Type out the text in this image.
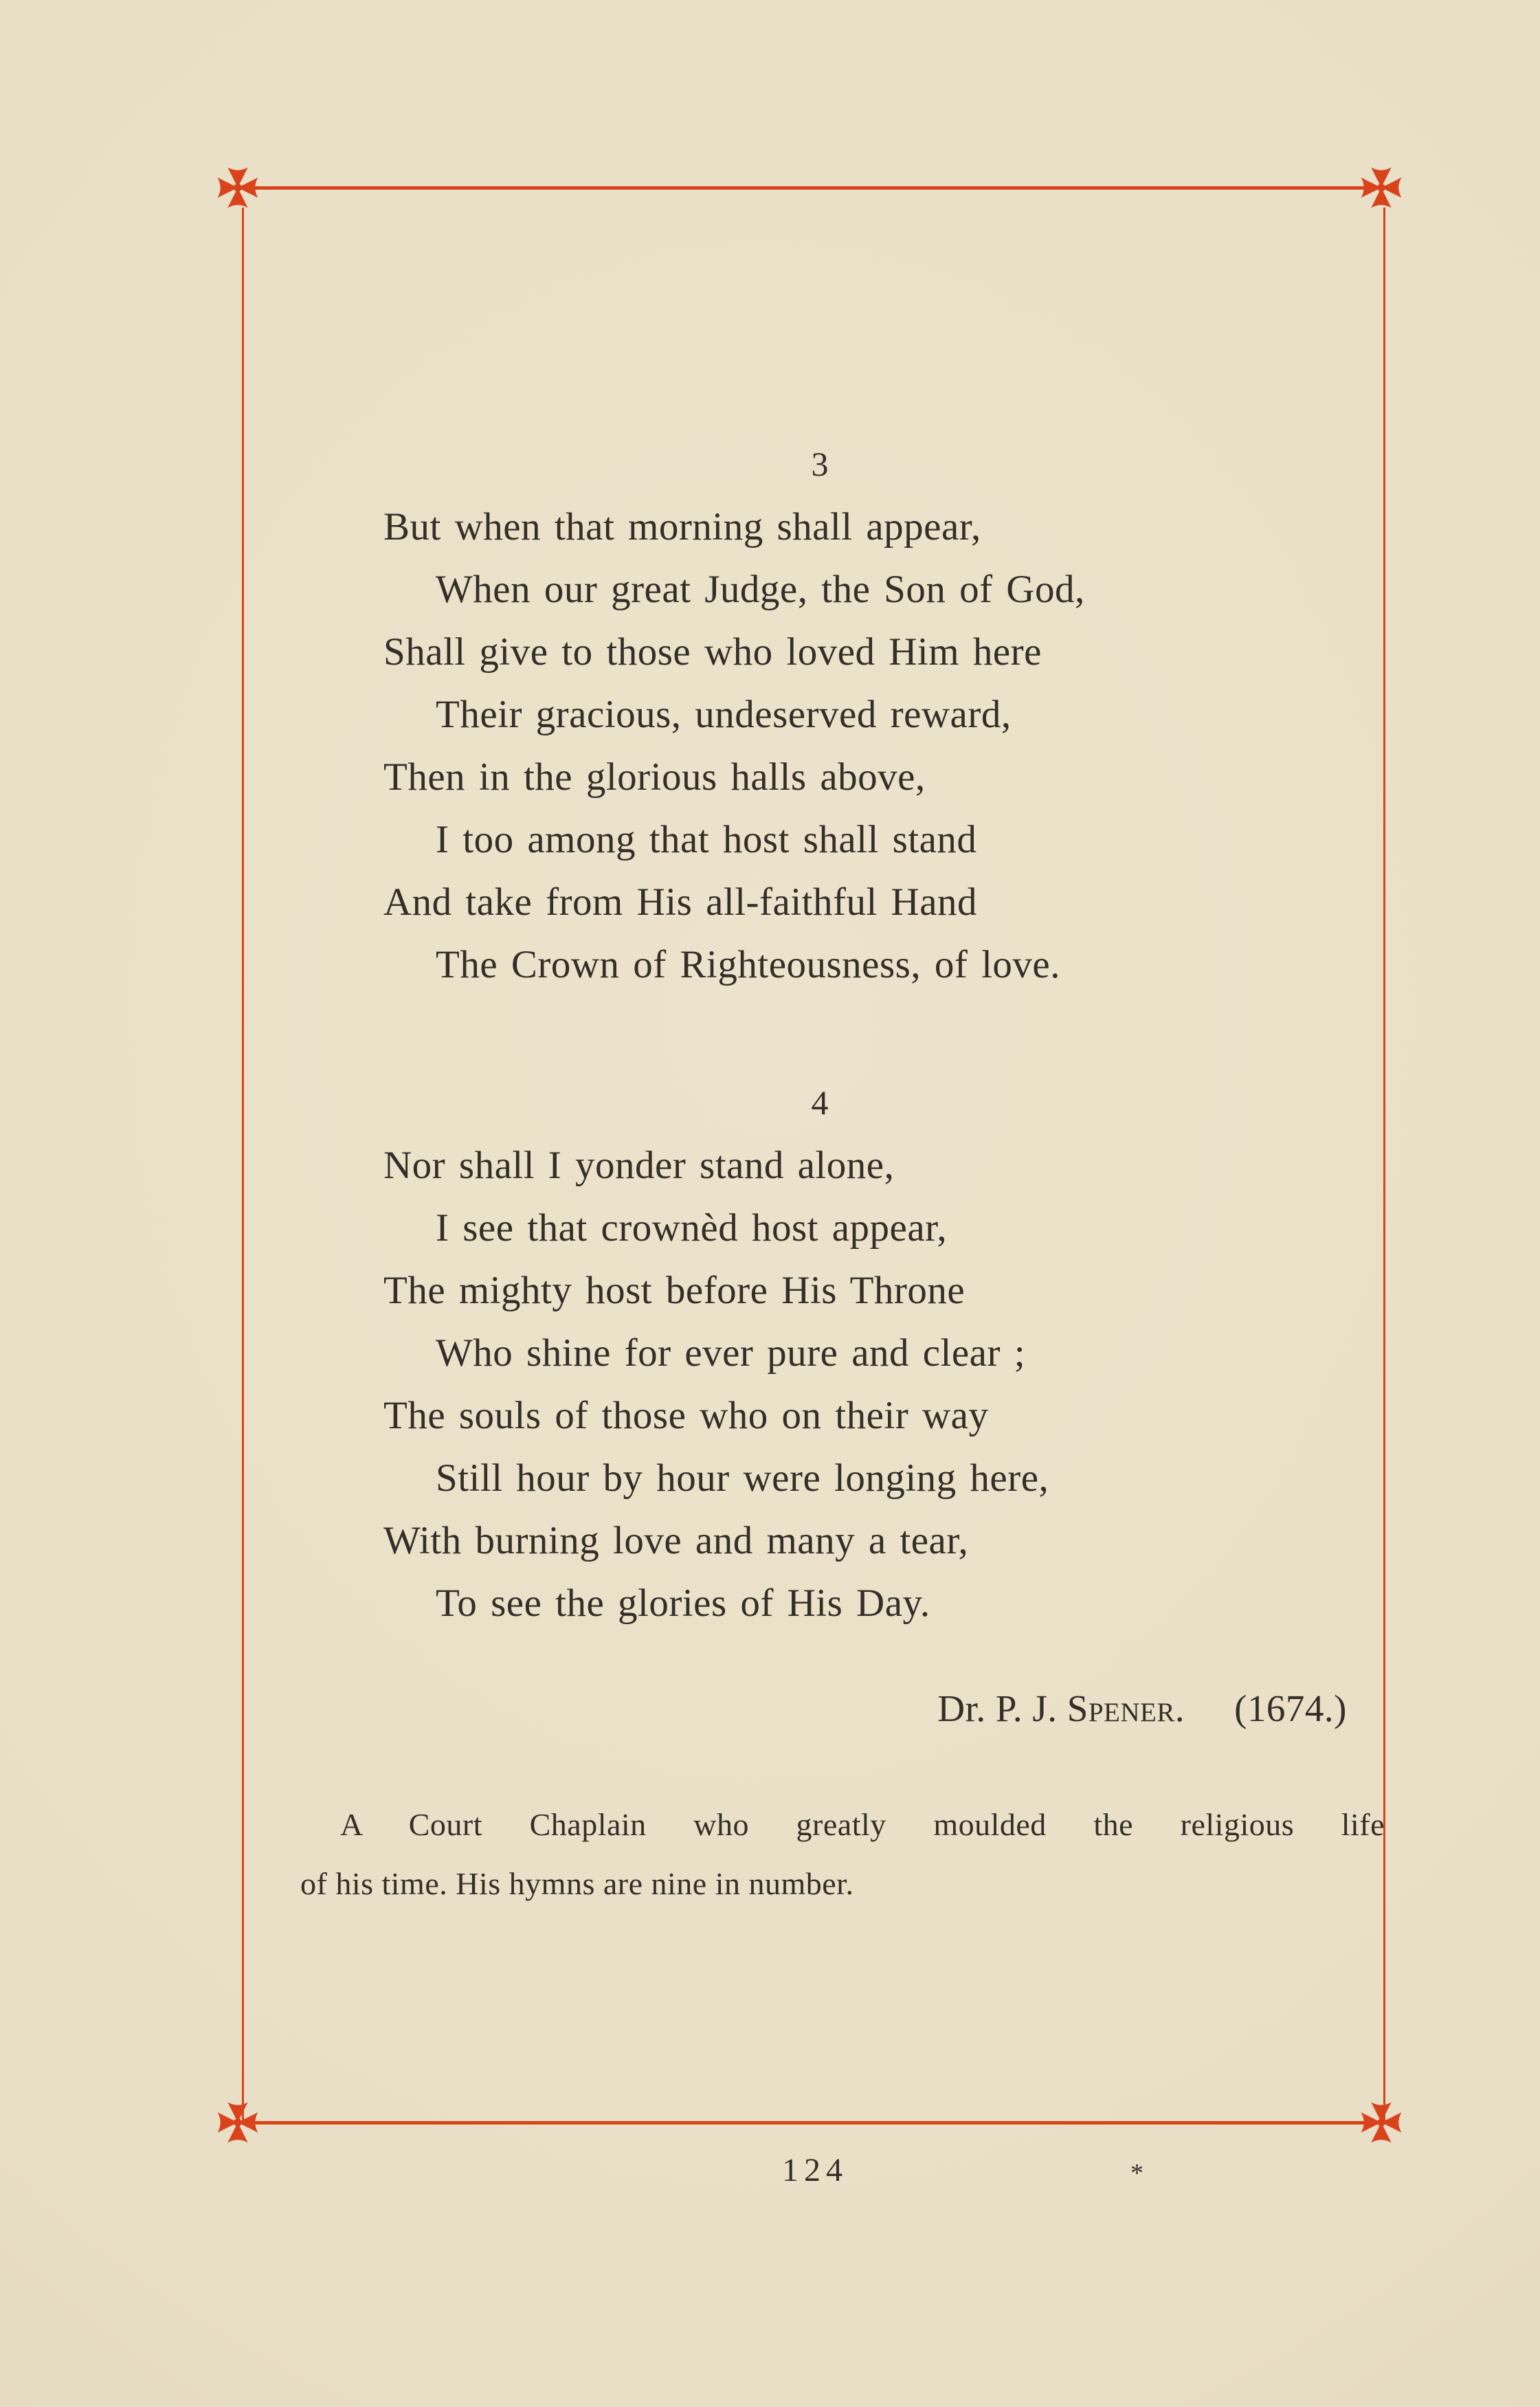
3

But when that morning shall appear,

When our great Judge, the Son of God,

Shall give to those who loved Him here

Their gracious, undeserved reward,

Then in the glorious halls above,

I too among that host shall stand

And take from His all-faithful Hand

The Crown of Righteousness, of love.

4

Nor shall I yonder stand alone,

I see that crownèd host appear,

The mighty host before His Throne

Who shine for ever pure and clear ;

The souls of those who on their way

Still hour by hour were longing here,

With burning love and many a tear,

To see the glories of His Day.

Dr. P. J. Spener. (1674.)

A Court Chaplain who greatly moulded the religious life
of his time. His hymns are nine in number.

124	*
